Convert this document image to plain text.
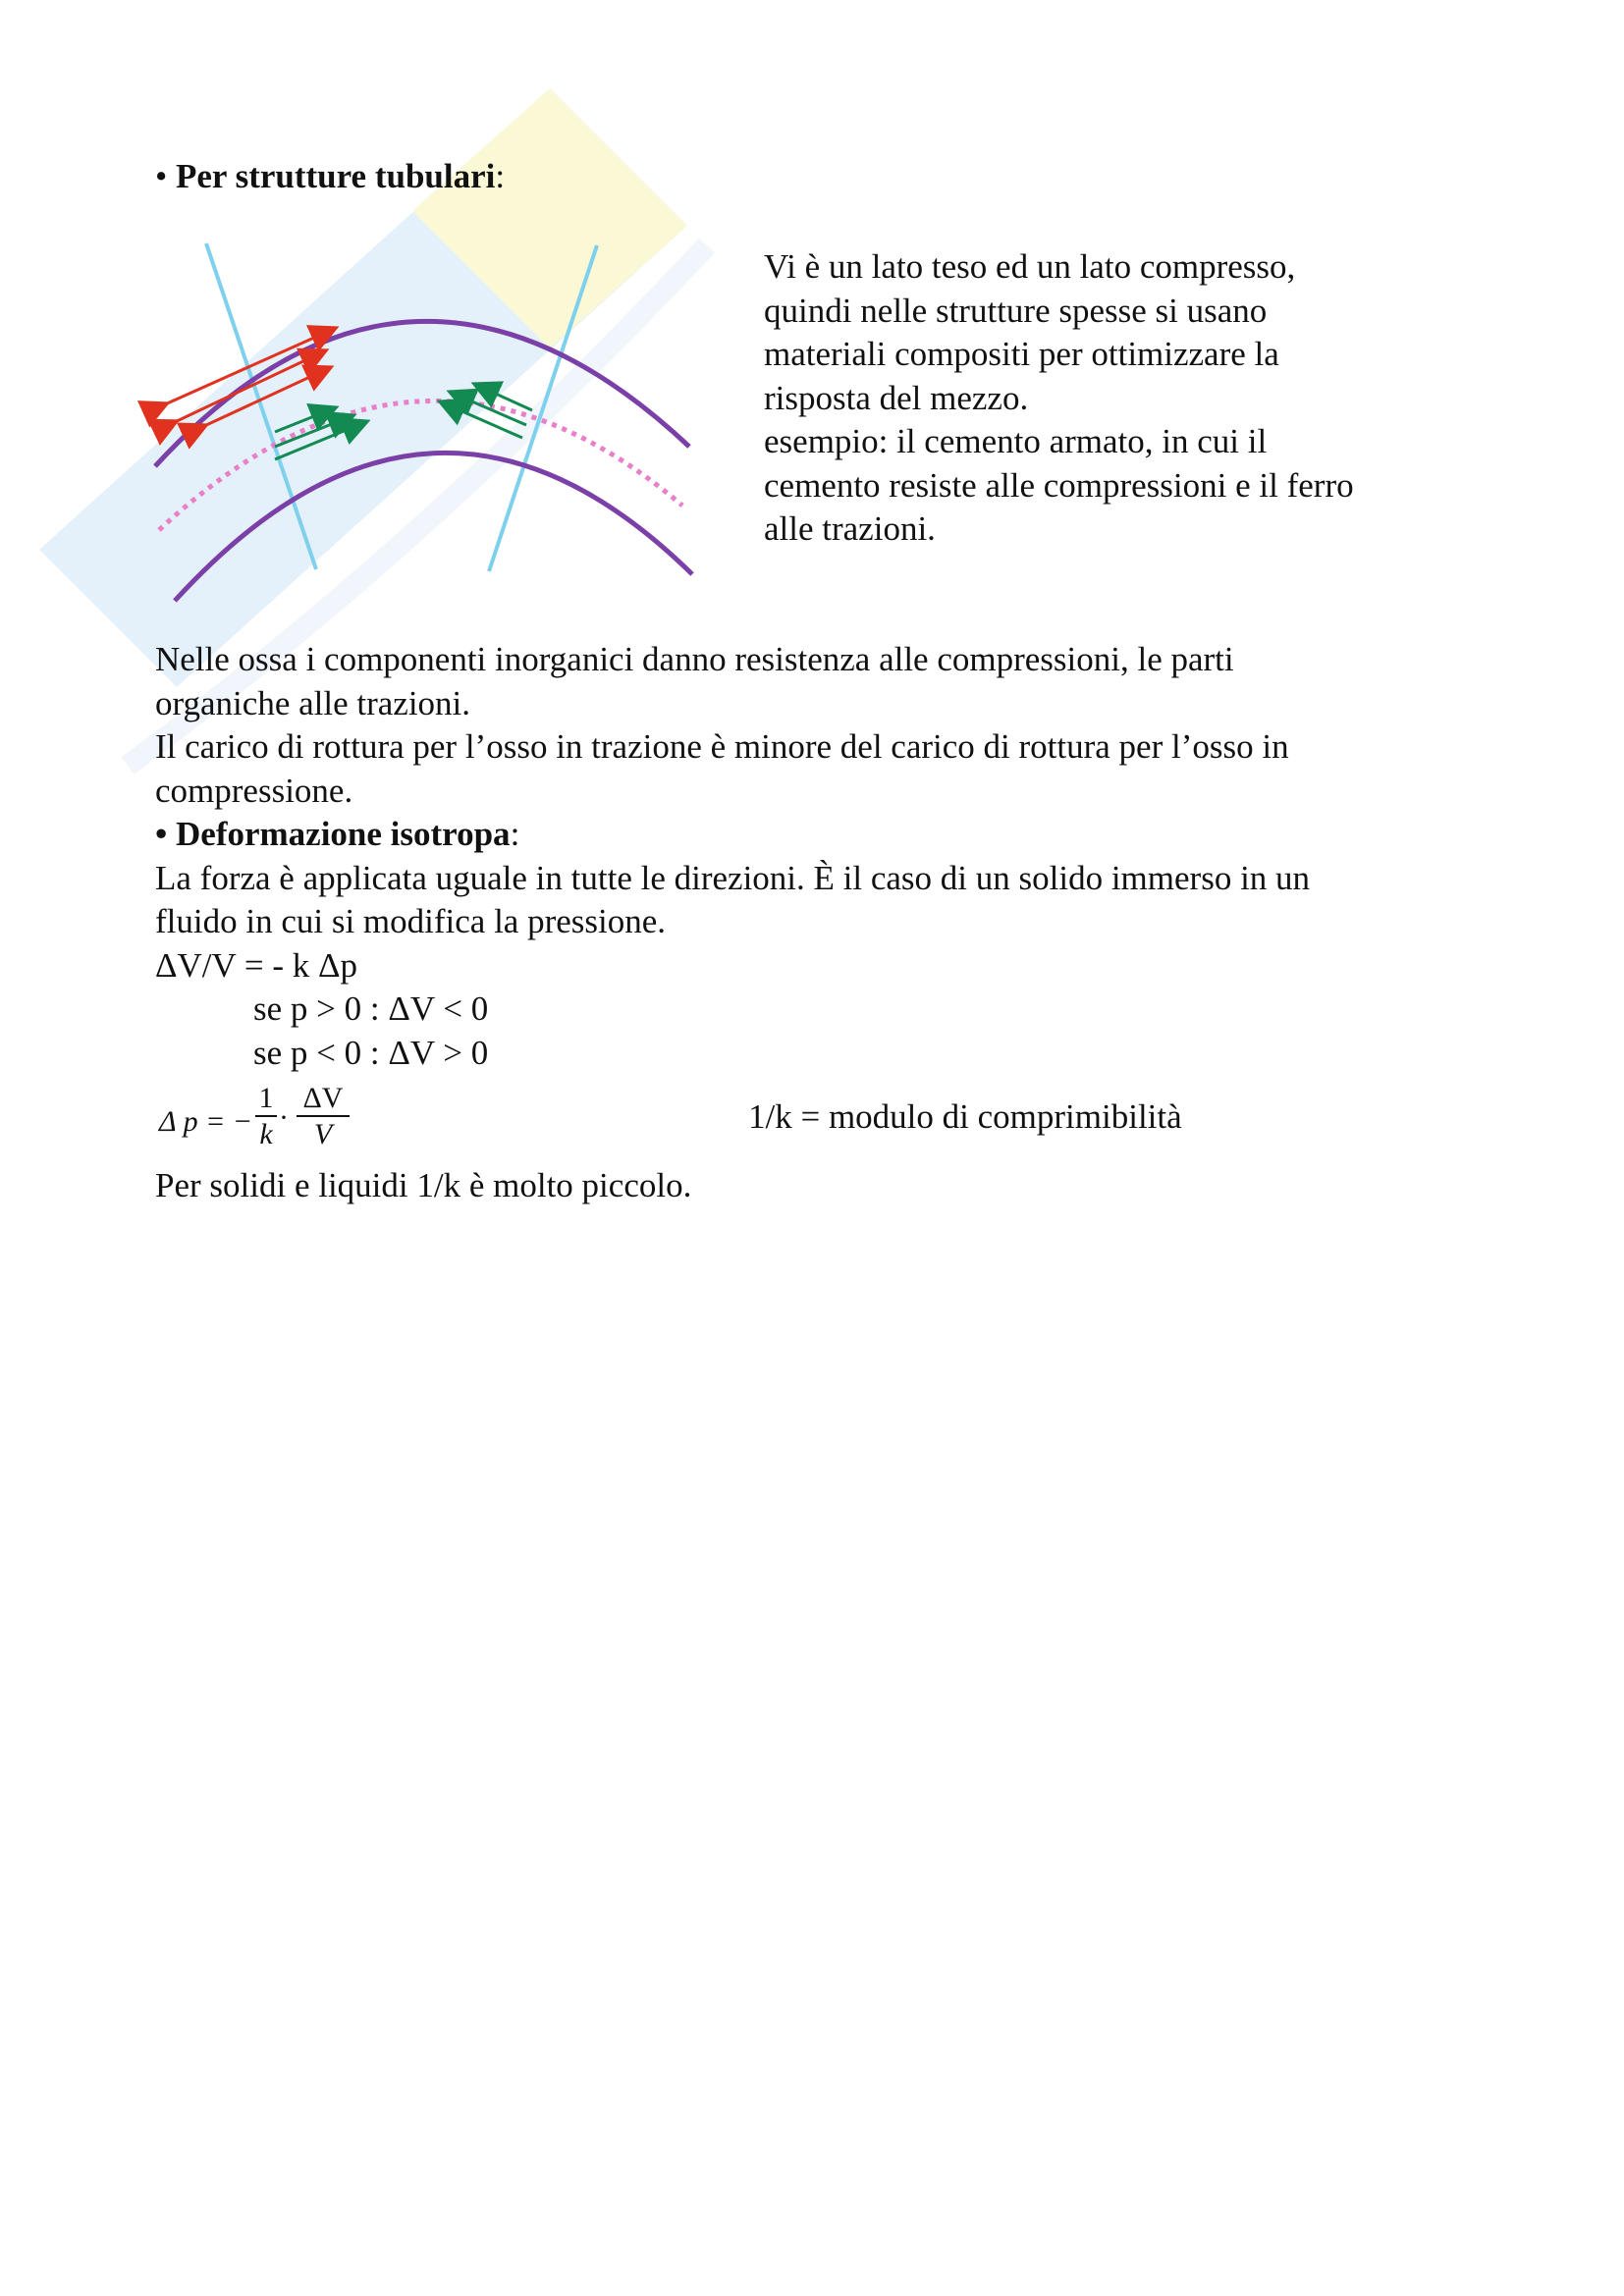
• Per strutture tubulari:
Vi è un lato teso ed un lato compresso,
quindi nelle strutture spesse si usano
materiali compositi per ottimizzare la
risposta del mezzo.
esempio: il cemento armato, in cui il
cemento resiste alle compressioni e il ferro
alle trazioni.
Nelle ossa i componenti inorganici danno resistenza alle compressioni, le parti
organiche alle trazioni.
Il carico di rottura per l’osso in trazione è minore del carico di rottura per l’osso in
compressione.
• Deformazione isotropa:
La forza è applicata uguale in tutte le direzioni. È il caso di un solido immerso in un
fluido in cui si modifica la pressione.
ΔV/V = - k Δp
se p > 0 : ΔV < 0
se p < 0 : ΔV > 0
Δ p = −
1
k
·
ΔV
V	1/k = modulo di comprimibilità
Per solidi e liquidi 1/k è molto piccolo.
